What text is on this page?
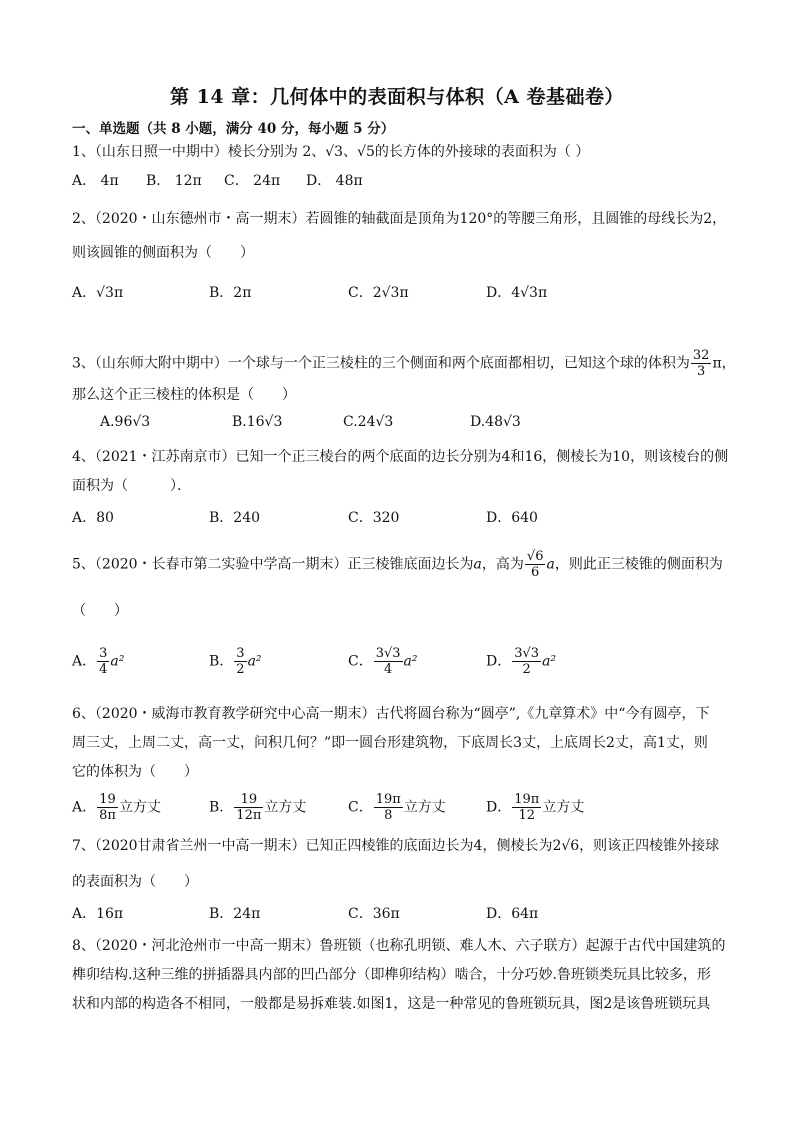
第 14 章：几何体中的表面积与体积（A 卷基础卷）
一、单选题（共 8 小题，满分 40 分，每小题 5 分）
1、（山东日照一中期中）棱长分别为 2、√3、√5的长方体的外接球的表面积为（ ）
A． 4π B． 12π C． 24π D． 48π
2、（2020・山东德州市・高一期末）若圆锥的轴截面是顶角为120°的等腰三角形，且圆锥的母线长为2，
则该圆锥的侧面积为（　　）
A．√3π	B．2π	C．2√3π	D．4√3π
3、（山东师大附中期中）一个球与一个正三棱柱的三个侧面和两个底面都相切，已知这个球的体积为 $\frac{32}{3}$ π，
那么这个正三棱柱的体积是（　　）
A.96√3	B.16√3	C.24√3	D.48√3
4、（2021・江苏南京市）已知一个正三棱台的两个底面的边长分别为4和16，侧棱长为10，则该棱台的侧
面积为（　　　）．
A．80	B．240	C．320	D．640
5、（2020・长春市第二实验中学高一期末）正三棱锥底面边长为a，高为 $\frac{√6}{6}$ a，则此正三棱锥的侧面积为
（　　）
A． $\frac{3}{4} a^2$	B． $\frac{3}{2} a^2$	C． $\frac{3√3}{4} a^2$	D． $\frac{3√3}{2} a^2$
6、（2020・威海市教育教学研究中心高一期末）古代将圆台称为“圆亭”,《九章算术》中“今有圆亭，下
周三丈，上周二丈，高一丈，问积几何？”即一圆台形建筑物，下底周长3丈，上底周长2丈，高1丈，则
它的体积为（　　）
A． $\frac{19}{8\pi}$ 立方丈	B． $\frac{19}{12\pi}$ 立方丈	C． $\frac{19\pi}{8}$ 立方丈	D． $\frac{19\pi}{12}$ 立方丈
7、（2020甘肃省兰州一中高一期末）已知正四棱锥的底面边长为4，侧棱长为2√6，则该正四棱锥外接球
的表面积为（　　）
A．16π	B．24π	C．36π	D．64π
8、（2020・河北沧州市一中高一期末）鲁班锁（也称孔明锁、难人木、六子联方）起源于古代中国建筑的
榫卯结构.这种三维的拼插器具内部的凹凸部分（即榫卯结构）啮合，十分巧妙.鲁班锁类玩具比较多，形
状和内部的构造各不相同，一般都是易拆难装.如图1，这是一种常见的鲁班锁玩具，图2是该鲁班锁玩具
